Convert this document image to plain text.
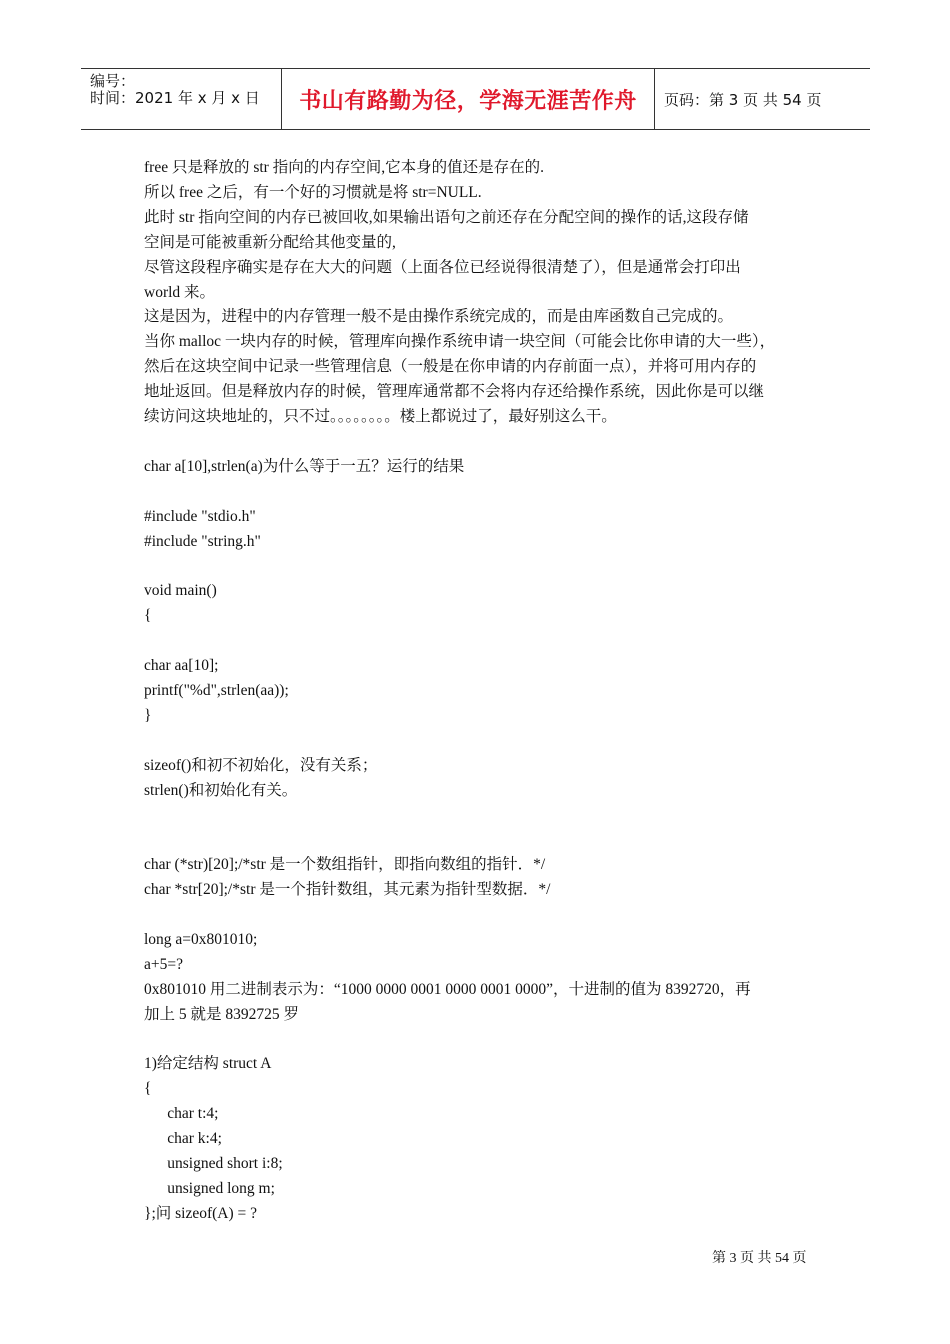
编号：
时间：2021 年 x 月 x 日	书山有路勤为径，学海无涯苦作舟	页码：第 3 页 共 54 页
free 只是释放的 str 指向的内存空间,它本身的值还是存在的.
所以 free 之后，有一个好的习惯就是将 str=NULL.
此时 str 指向空间的内存已被回收,如果输出语句之前还存在分配空间的操作的话,这段存储
空间是可能被重新分配给其他变量的,
尽管这段程序确实是存在大大的问题（上面各位已经说得很清楚了），但是通常会打印出
world 来。
这是因为，进程中的内存管理一般不是由操作系统完成的，而是由库函数自己完成的。
当你 malloc 一块内存的时候，管理库向操作系统申请一块空间（可能会比你申请的大一些），
然后在这块空间中记录一些管理信息（一般是在你申请的内存前面一点），并将可用内存的
地址返回。但是释放内存的时候，管理库通常都不会将内存还给操作系统，因此你是可以继
续访问这块地址的，只不过。。。。。。。。楼上都说过了，最好别这么干。
char a[10],strlen(a)为什么等于一五？运行的结果
#include "stdio.h"
#include "string.h"
void main()
{
char aa[10];
printf("%d",strlen(aa));
}
sizeof()和初不初始化，没有关系；
strlen()和初始化有关。
char (*str)[20];/*str 是一个数组指针，即指向数组的指针．*/
char *str[20];/*str 是一个指针数组，其元素为指针型数据．*/
long a=0x801010;
a+5=?
0x801010 用二进制表示为：“1000 0000 0001 0000 0001 0000”，十进制的值为 8392720，再
加上 5 就是 8392725 罗
1)给定结构 struct A
{
char t:4;
char k:4;
unsigned short i:8;
unsigned long m;
};问 sizeof(A) = ?
第 3 页 共 54 页
